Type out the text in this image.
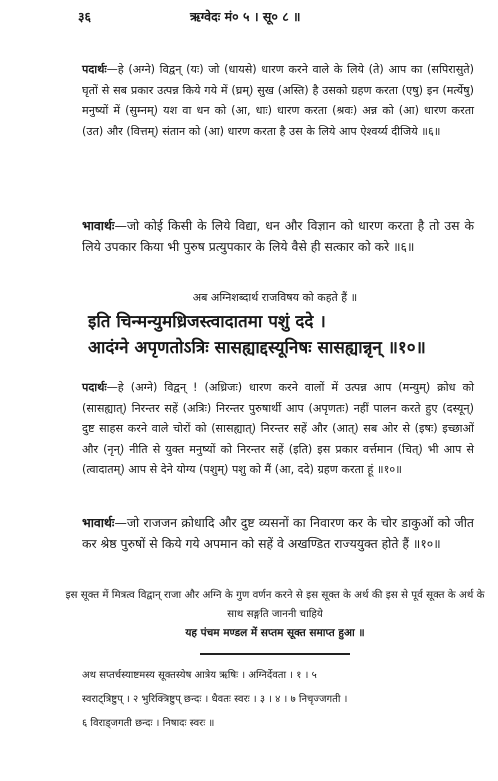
३६	ऋग्वेदः मं० ५ । सू० ८ ॥
पदार्थः—हे (अग्ने) विद्वन् (यः) जो (धायसे) धारण करने वाले के लिये (ते) आप का (सपिरासुते) घृतों से सब प्रकार उत्पन्न किये गये में (घ्रम्) सुख (अस्ति) है उसको ग्रहण करता (एषु) इन (मर्त्येषु) मनुष्यों में (सुम्नम्) यश वा धन को (आ, धाः) धारण करता (श्रवः) अन्न को (आ) धारण करता (उत) और (वित्तम्) संतान को (आ) धारण करता है उस के लिये आप ऐश्वर्य्य दीजिये ॥६॥
भावार्थः—जो कोई किसी के लिये विद्या, धन और विज्ञान को धारण करता है तो उस के लिये उपकार किया भी पुरुष प्रत्युपकार के लिये वैसे ही सत्कार को करे ॥६॥
अब अग्निशब्दार्थ राजविषय को कहते हैं ॥
इति चिन्मन्युमध्रिजस्त्वादातमा पशुं ददे ।
आदंग्ने अपृणतोऽत्रिः सासह्याद्दस्यूनिषः सासह्यान्नृन् ॥१०॥
पदार्थः—हे (अग्ने) विद्वन् ! (अध्रिजः) धारण करने वालों में उत्पन्न आप (मन्युम्) क्रोध को (सासह्यात्) निरन्तर सहें (अत्रिः) निरन्तर पुरुषार्थी आप (अपृणतः) नहीं पालन करते हुए (दस्यून्) दुष्ट साहस करने वाले चोरों को (सासह्यात्) निरन्तर सहें और (आत्) सब ओर से (इषः) इच्छाओं और (नृन्) नीति से युक्त मनुष्यों को निरन्तर सहें (इति) इस प्रकार वर्त्तमान (चित्) भी आप से (त्वादातम्) आप से देने योग्य (पशुम्) पशु को मैं (आ, ददे) ग्रहण करता हूं ॥१०॥
भावार्थः—जो राजजन क्रोधादि और दुष्ट व्यसनों का निवारण कर के चोर डाकुओं को जीत कर श्रेष्ठ पुरुषों से किये गये अपमान को सहें वे अखण्डित राज्ययुक्त होते हैं ॥१०॥
इस सूक्त में मित्रत्व विद्वान् राजा और अग्नि के गुण वर्णन करने से इस सूक्त के अर्थ की इस से पूर्व सूक्त के अर्थ के साथ सङ्गति जाननी चाहिये
यह पंचम मण्डल में सप्तम सूक्त समाप्त हुआ ॥
अथ सप्तर्चस्याष्टमस्य सूक्तस्येष आत्रेय ऋषिः । अग्निर्देवता । १ । ५
स्वराट्त्रिष्टुप् । २ भुरिक्त्रिष्टुप् छन्दः । धैवतः स्वरः । ३ । ४ । ७ निचृज्जगती ।
६ विराड्जगती छन्दः । निषादः स्वरः ॥
